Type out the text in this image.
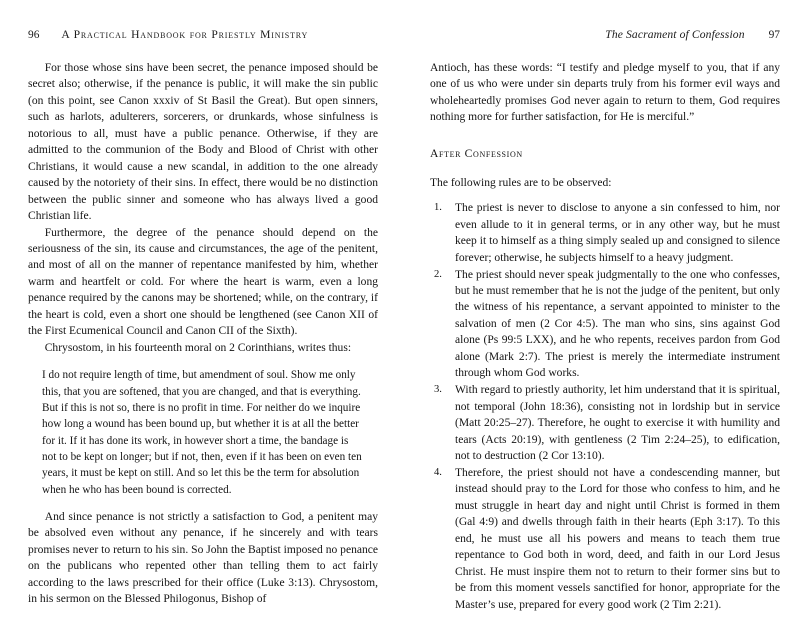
96 A Practical Handbook for Priestly Ministry

For those whose sins have been secret, the penance imposed should be secret also; otherwise, if the penance is public, it will make the sin public (on this point, see Canon xxxiv of St Basil the Great). But open sinners, such as harlots, adulterers, sorcerers, or drunkards, whose sinfulness is notorious to all, must have a public penance. Otherwise, if they are admitted to the communion of the Body and Blood of Christ with other Christians, it would cause a new scandal, in addition to the one already caused by the notoriety of their sins. In effect, there would be no distinction between the public sinner and someone who has always lived a good Christian life.

Furthermore, the degree of the penance should depend on the seriousness of the sin, its cause and circumstances, the age of the penitent, and most of all on the manner of repentance manifested by him, whether warm and heartfelt or cold. For where the heart is warm, even a long penance required by the canons may be shortened; while, on the contrary, if the heart is cold, even a short one should be lengthened (see Canon XII of the First Ecumenical Council and Canon CII of the Sixth).

Chrysostom, in his fourteenth moral on 2 Corinthians, writes thus:

I do not require length of time, but amendment of soul. Show me only this, that you are softened, that you are changed, and that is everything. But if this is not so, there is no profit in time. For neither do we inquire how long a wound has been bound up, but whether it is at all the better for it. If it has done its work, in however short a time, the bandage is not to be kept on longer; but if not, then, even if it has been on even ten years, it must be kept on still. And so let this be the term for absolution when he who has been bound is corrected.

And since penance is not strictly a satisfaction to God, a penitent may be absolved even without any penance, if he sincerely and with tears promises never to return to his sin. So John the Baptist imposed no penance on the publicans who repented other than telling them to act fairly according to the laws prescribed for their office (Luke 3:13). Chrysostom, in his sermon on the Blessed Philogonus, Bishop of

The Sacrament of Confession 97

Antioch, has these words: “I testify and pledge myself to you, that if any one of us who were under sin departs truly from his former evil ways and wholeheartedly promises God never again to return to them, God requires nothing more for further satisfaction, for He is merciful.”

After Confession

The following rules are to be observed:

The priest is never to disclose to anyone a sin confessed to him, nor even allude to it in general terms, or in any other way, but he must keep it to himself as a thing simply sealed up and consigned to silence forever; otherwise, he subjects himself to a heavy judgment.
The priest should never speak judgmentally to the one who confesses, but he must remember that he is not the judge of the penitent, but only the witness of his repentance, a servant appointed to minister to the salvation of men (2 Cor 4:5). The man who sins, sins against God alone (Ps 99:5 LXX), and he who repents, receives pardon from God alone (Mark 2:7). The priest is merely the intermediate instrument through whom God works.
With regard to priestly authority, let him understand that it is spiritual, not temporal (John 18:36), consisting not in lordship but in service (Matt 20:25–27). Therefore, he ought to exercise it with humility and tears (Acts 20:19), with gentleness (2 Tim 2:24–25), to edification, not to destruction (2 Cor 13:10).
Therefore, the priest should not have a condescending manner, but instead should pray to the Lord for those who confess to him, and he must struggle in heart day and night until Christ is formed in them (Gal 4:9) and dwells through faith in their hearts (Eph 3:17). To this end, he must use all his powers and means to teach them true repentance to God both in word, deed, and faith in our Lord Jesus Christ. He must inspire them not to return to their former sins but to be from this moment vessels sanctified for honor, appropriate for the Master’s use, prepared for every good work (2 Tim 2:21).
